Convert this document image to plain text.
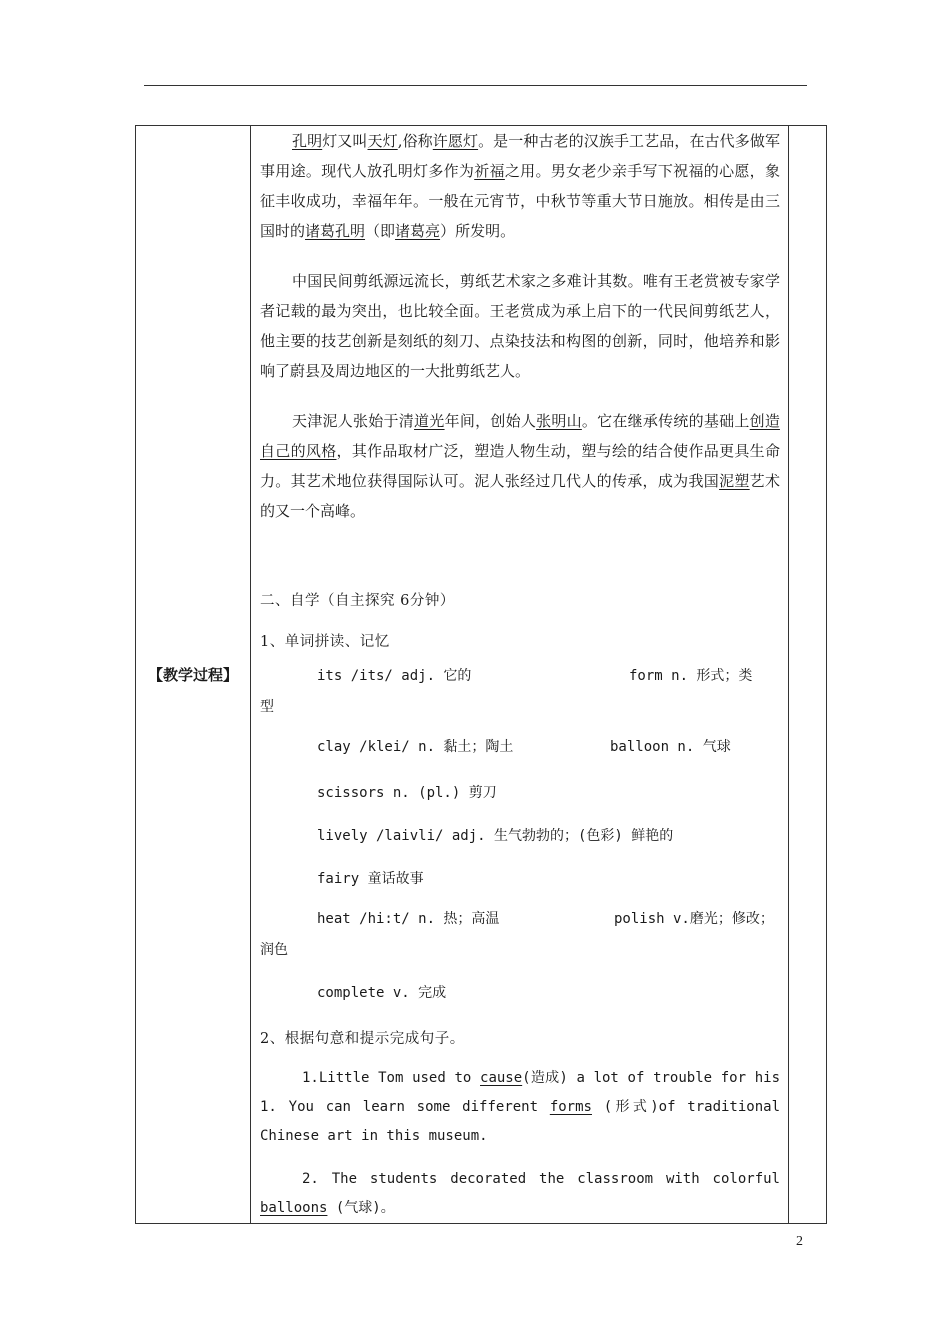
【教学过程】	

孔明灯又叫天灯,俗称许愿灯。是一种古老的汉族手工艺品，在古代多做军事用途。现代人放孔明灯多作为祈福之用。男女老少亲手写下祝福的心愿，象征丰收成功，幸福年年。一般在元宵节，中秋节等重大节日施放。相传是由三国时的诸葛孔明（即诸葛亮）所发明。

中国民间剪纸源远流长，剪纸艺术家之多难计其数。唯有王老赏被专家学者记载的最为突出，也比较全面。王老赏成为承上启下的一代民间剪纸艺人，他主要的技艺创新是刻纸的刻刀、点染技法和构图的创新，同时，他培养和影响了蔚县及周边地区的一大批剪纸艺人。

天津泥人张始于清道光年间，创始人张明山。它在继承传统的基础上创造自己的风格，其作品取材广泛，塑造人物生动，塑与绘的结合使作品更具生命力。其艺术地位获得国际认可。泥人张经过几代人的传承，成为我国泥塑艺术的又一个高峰。

二、自学（自主探究 6分钟）

1、单词拼读、记忆

its /its/ adj. 它的	form n. 形式；类

型

clay /klei/ n. 黏土；陶土	balloon n. 气球

scissors n. (pl.) 剪刀

lively /laivli/ adj. 生气勃勃的；(色彩) 鲜艳的

fairy 童话故事

heat /hi:t/ n. 热；高温	polish v.磨光；修改；

润色

complete v. 完成

2、根据句意和提示完成句子。

1.Little Tom used to cause(造成) a lot of trouble for his 1. You can learn some different forms (形式)of traditional Chinese art in this museum.

2. The students decorated the classroom with colorful balloons (气球)。

2
